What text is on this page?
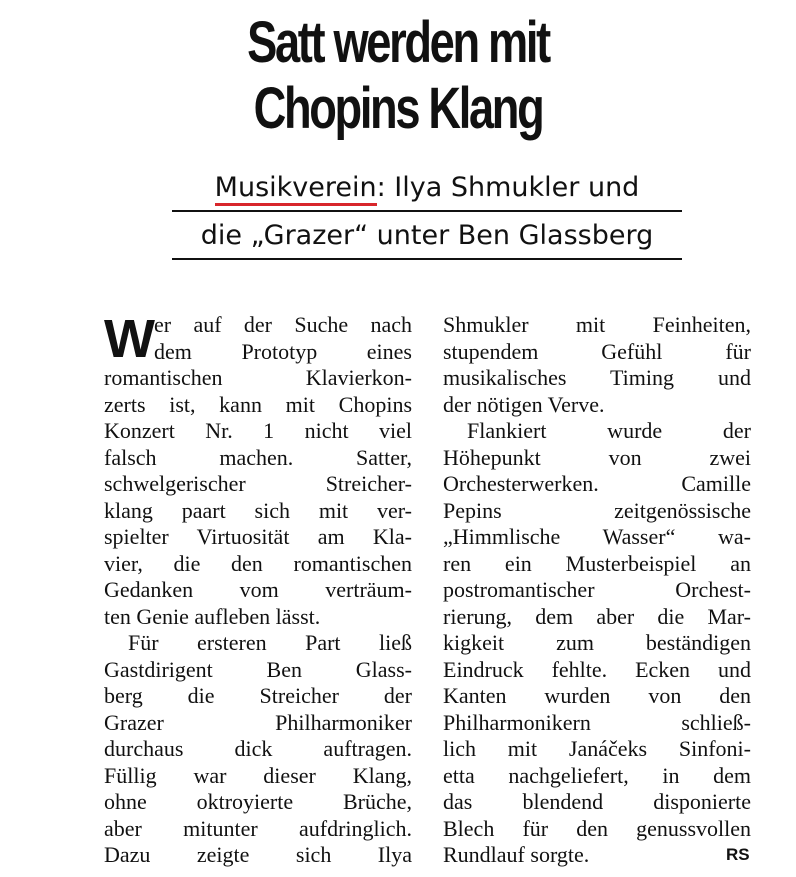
Satt werden mit
Chopins Klang
Musikverein: Ilya Shmukler und
die „Grazer“ unter Ben Glassberg
W er auf der Suche nach
dem Prototyp eines
romantischen Klavierkon-
zerts ist, kann mit Chopins
Konzert Nr. 1 nicht viel
falsch machen. Satter,
schwelgerischer Streicher-
klang paart sich mit ver-
spielter Virtuosität am Kla-
vier, die den romantischen
Gedanken vom verträum-
ten Genie aufleben lässt.
Für ersteren Part ließ
Gastdirigent Ben Glass-
berg die Streicher der
Grazer Philharmoniker
durchaus dick auftragen.
Füllig war dieser Klang,
ohne oktroyierte Brüche,
aber mitunter aufdringlich.
Dazu zeigte sich Ilya
Shmukler mit Feinheiten,
stupendem Gefühl für
musikalisches Timing und
der nötigen Verve.
Flankiert wurde der
Höhepunkt von zwei
Orchesterwerken. Camille
Pepins zeitgenössische
„Himmlische Wasser“ wa-
ren ein Musterbeispiel an
postromantischer Orchest-
rierung, dem aber die Mar-
kigkeit zum beständigen
Eindruck fehlte. Ecken und
Kanten wurden von den
Philharmonikern schließ-
lich mit Janáčeks Sinfoni-
etta nachgeliefert, in dem
das blendend disponierte
Blech für den genussvollen
Rundlauf sorgte.	RS
